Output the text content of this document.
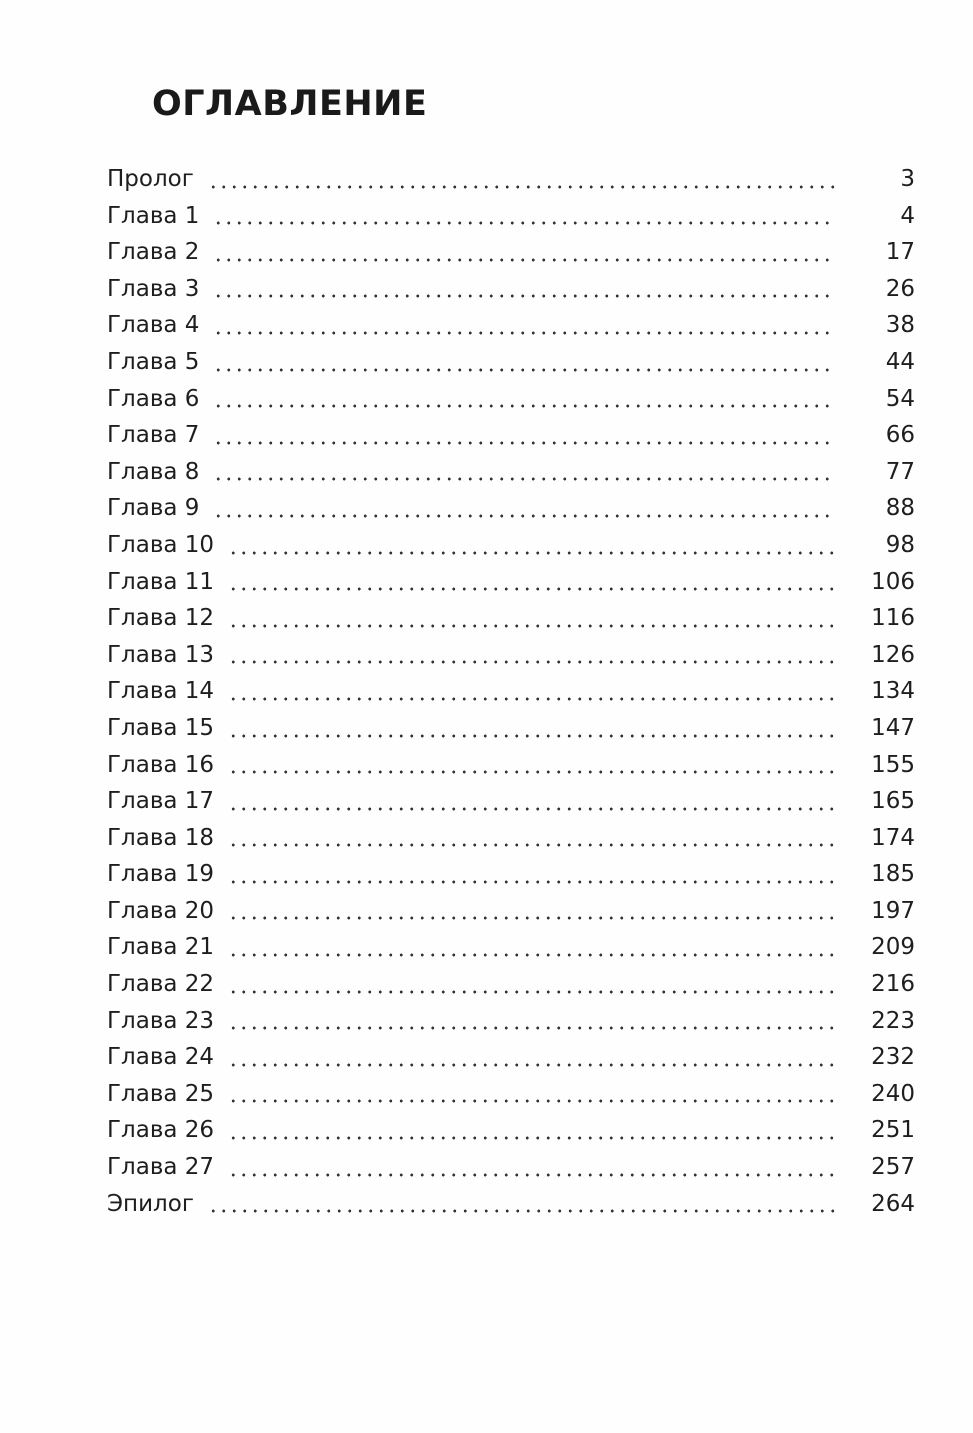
ОГЛАВЛЕНИЕ
Пролог	3
Глава 1	4
Глава 2	17
Глава 3	26
Глава 4	38
Глава 5	44
Глава 6	54
Глава 7	66
Глава 8	77
Глава 9	88
Глава 10	98
Глава 11	106
Глава 12	116
Глава 13	126
Глава 14	134
Глава 15	147
Глава 16	155
Глава 17	165
Глава 18	174
Глава 19	185
Глава 20	197
Глава 21	209
Глава 22	216
Глава 23	223
Глава 24	232
Глава 25	240
Глава 26	251
Глава 27	257
Эпилог	264
